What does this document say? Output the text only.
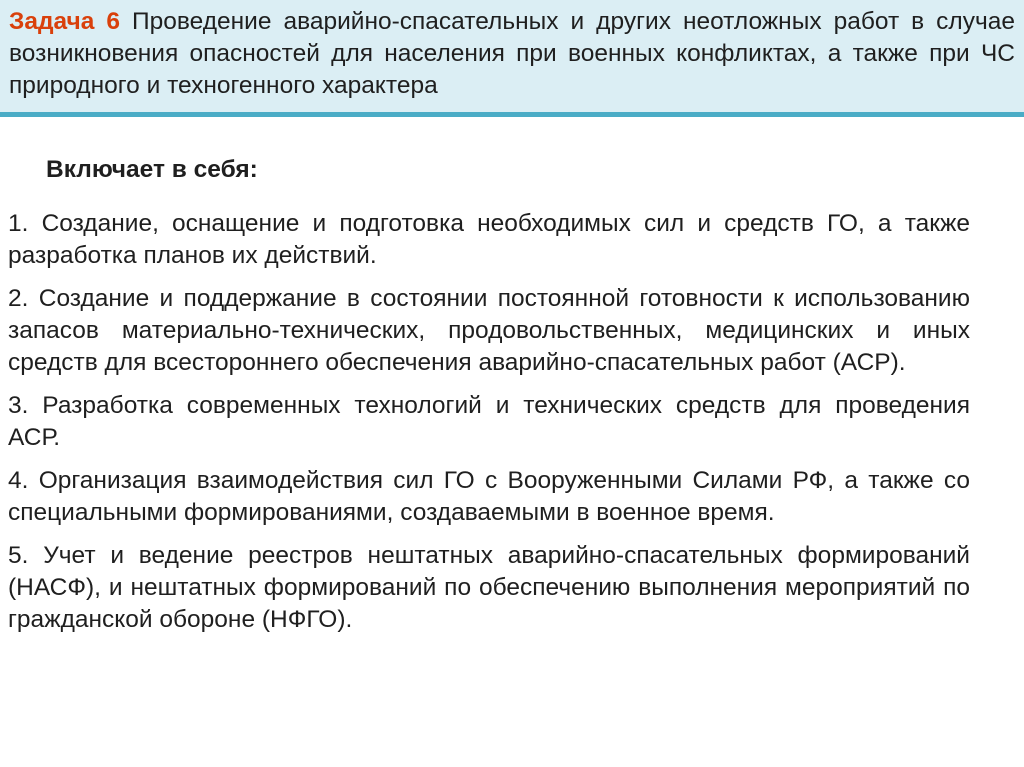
Задача 6 Проведение аварийно-спасательных и других неотложных работ в случае возникновения опасностей для населения при военных конфликтах, а также при ЧС природного и техногенного характера

Включает в себя:

1. Создание, оснащение и подготовка необходимых сил и средств ГО, а также разработка планов их действий.

2. Создание и поддержание в состоянии постоянной готовности к использованию запасов материально-технических, продовольственных, медицинских и иных средств для всестороннего обеспечения аварийно-спасательных работ (АСР).

3. Разработка современных технологий и технических средств для проведения АСР.

4. Организация взаимодействия сил ГО с Вооруженными Силами РФ, а также со специальными формированиями, создаваемыми в военное время.

5. Учет и ведение реестров нештатных аварийно-спасательных формирований (НАСФ), и нештатных формирований по обеспечению выполнения мероприятий по гражданской обороне (НФГО).
